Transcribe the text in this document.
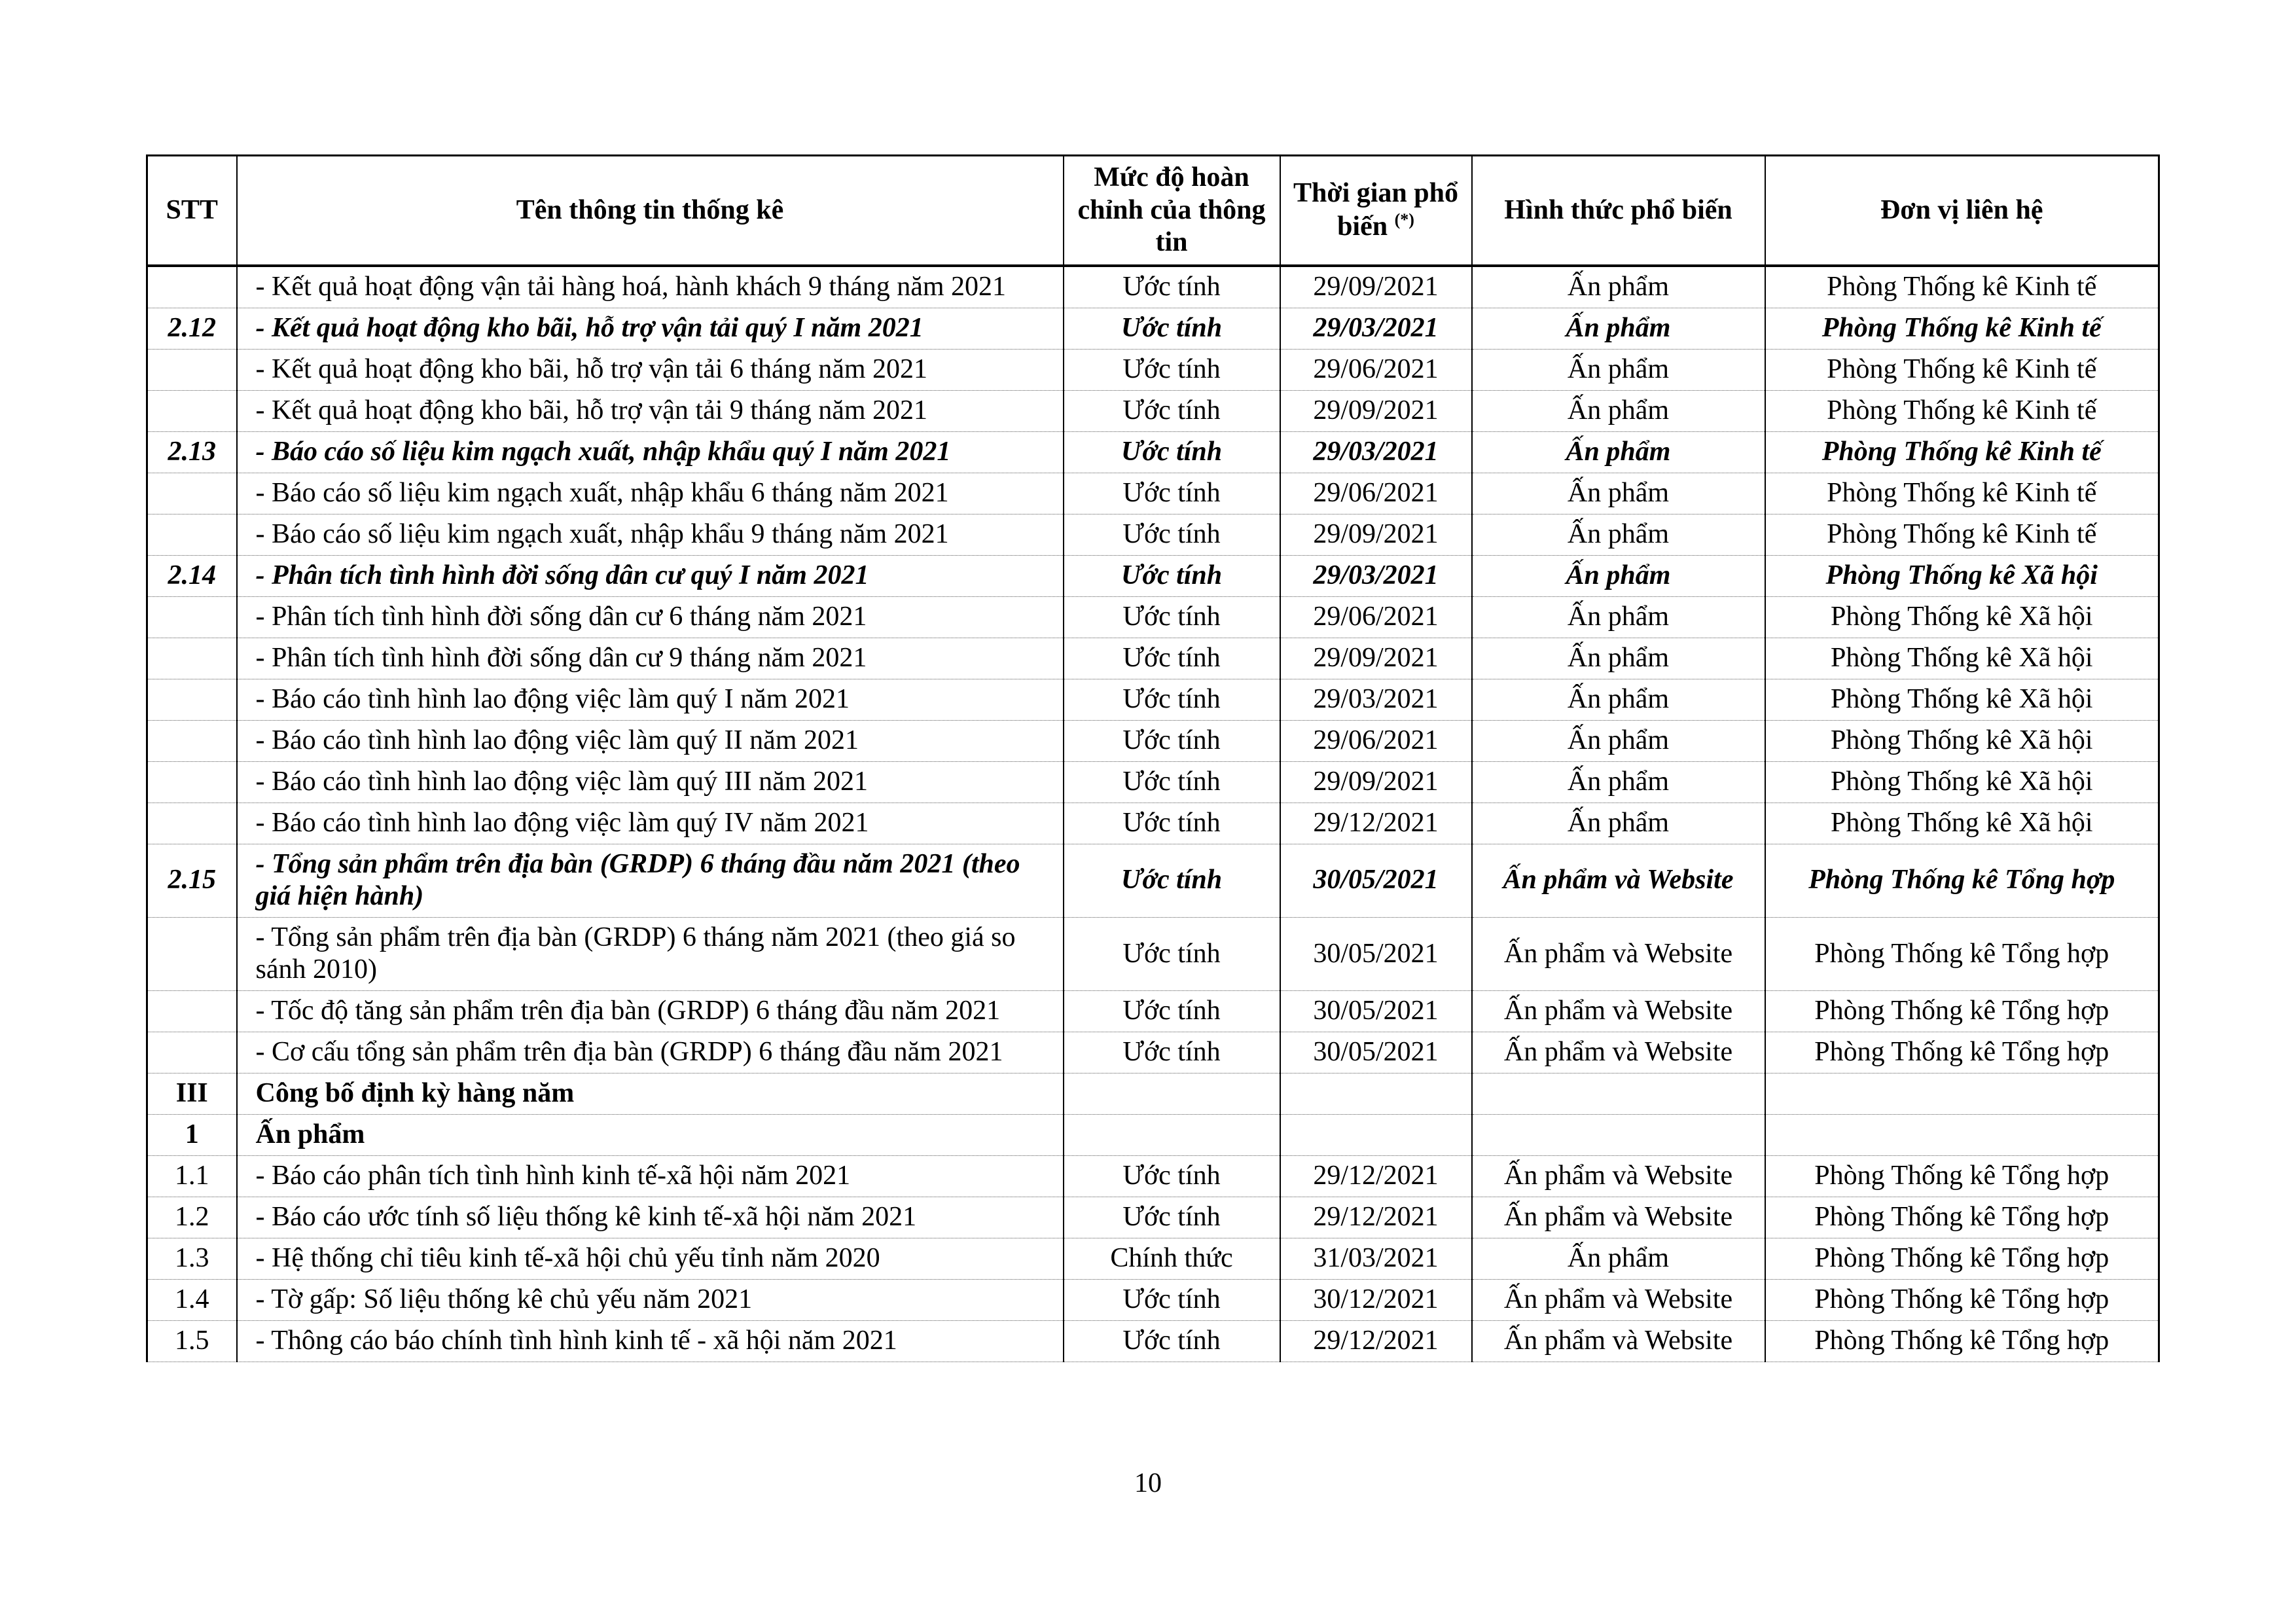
STT	Tên thông tin thống kê	Mức độ hoàn chỉnh của thông tin	Thời gian phổ biến (*)	Hình thức phổ biến	Đơn vị liên hệ
	- Kết quả hoạt động vận tải hàng hoá, hành khách 9 tháng năm 2021	Ước tính	29/09/2021	Ấn phẩm	Phòng Thống kê Kinh tế
2.12	- Kết quả hoạt động kho bãi, hỗ trợ vận tải quý I năm 2021	Ước tính	29/03/2021	Ấn phẩm	Phòng Thống kê Kinh tế
	- Kết quả hoạt động kho bãi, hỗ trợ vận tải 6 tháng năm 2021	Ước tính	29/06/2021	Ấn phẩm	Phòng Thống kê Kinh tế
	- Kết quả hoạt động kho bãi, hỗ trợ vận tải 9 tháng năm 2021	Ước tính	29/09/2021	Ấn phẩm	Phòng Thống kê Kinh tế
2.13	- Báo cáo số liệu kim ngạch xuất, nhập khẩu quý I năm 2021	Ước tính	29/03/2021	Ấn phẩm	Phòng Thống kê Kinh tế
	- Báo cáo số liệu kim ngạch xuất, nhập khẩu 6 tháng năm 2021	Ước tính	29/06/2021	Ấn phẩm	Phòng Thống kê Kinh tế
	- Báo cáo số liệu kim ngạch xuất, nhập khẩu 9 tháng năm 2021	Ước tính	29/09/2021	Ấn phẩm	Phòng Thống kê Kinh tế
2.14	- Phân tích tình hình đời sống dân cư quý I năm 2021	Ước tính	29/03/2021	Ấn phẩm	Phòng Thống kê Xã hội
	- Phân tích tình hình đời sống dân cư 6 tháng năm 2021	Ước tính	29/06/2021	Ấn phẩm	Phòng Thống kê Xã hội
	- Phân tích tình hình đời sống dân cư 9 tháng năm 2021	Ước tính	29/09/2021	Ấn phẩm	Phòng Thống kê Xã hội
	- Báo cáo tình hình lao động việc làm quý I năm 2021	Ước tính	29/03/2021	Ấn phẩm	Phòng Thống kê Xã hội
	- Báo cáo tình hình lao động việc làm quý II năm 2021	Ước tính	29/06/2021	Ấn phẩm	Phòng Thống kê Xã hội
	- Báo cáo tình hình lao động việc làm quý III năm 2021	Ước tính	29/09/2021	Ấn phẩm	Phòng Thống kê Xã hội
	- Báo cáo tình hình lao động việc làm quý IV năm 2021	Ước tính	29/12/2021	Ấn phẩm	Phòng Thống kê Xã hội
2.15	- Tổng sản phẩm trên địa bàn (GRDP) 6 tháng đầu năm 2021 (theo giá hiện hành)	Ước tính	30/05/2021	Ấn phẩm và Website	Phòng Thống kê Tổng hợp
	- Tổng sản phẩm trên địa bàn (GRDP) 6 tháng năm 2021 (theo giá so sánh 2010)	Ước tính	30/05/2021	Ấn phẩm và Website	Phòng Thống kê Tổng hợp
	- Tốc độ tăng sản phẩm trên địa bàn (GRDP) 6 tháng đầu năm 2021	Ước tính	30/05/2021	Ấn phẩm và Website	Phòng Thống kê Tổng hợp
	- Cơ cấu tổng sản phẩm trên địa bàn (GRDP) 6 tháng đầu năm 2021	Ước tính	30/05/2021	Ấn phẩm và Website	Phòng Thống kê Tổng hợp
III	Công bố định kỳ hàng năm				
1	Ấn phẩm				
1.1	- Báo cáo phân tích tình hình kinh tế-xã hội năm 2021	Ước tính	29/12/2021	Ấn phẩm và Website	Phòng Thống kê Tổng hợp
1.2	- Báo cáo ước tính số liệu thống kê kinh tế-xã hội năm 2021	Ước tính	29/12/2021	Ấn phẩm và Website	Phòng Thống kê Tổng hợp
1.3	- Hệ thống chỉ tiêu kinh tế-xã hội chủ yếu tỉnh năm 2020	Chính thức	31/03/2021	Ấn phẩm	Phòng Thống kê Tổng hợp
1.4	- Tờ gấp: Số liệu thống kê chủ yếu năm 2021	Ước tính	30/12/2021	Ấn phẩm và Website	Phòng Thống kê Tổng hợp
1.5	- Thông cáo báo chính tình hình kinh tế - xã hội năm 2021	Ước tính	29/12/2021	Ấn phẩm và Website	Phòng Thống kê Tổng hợp
10
